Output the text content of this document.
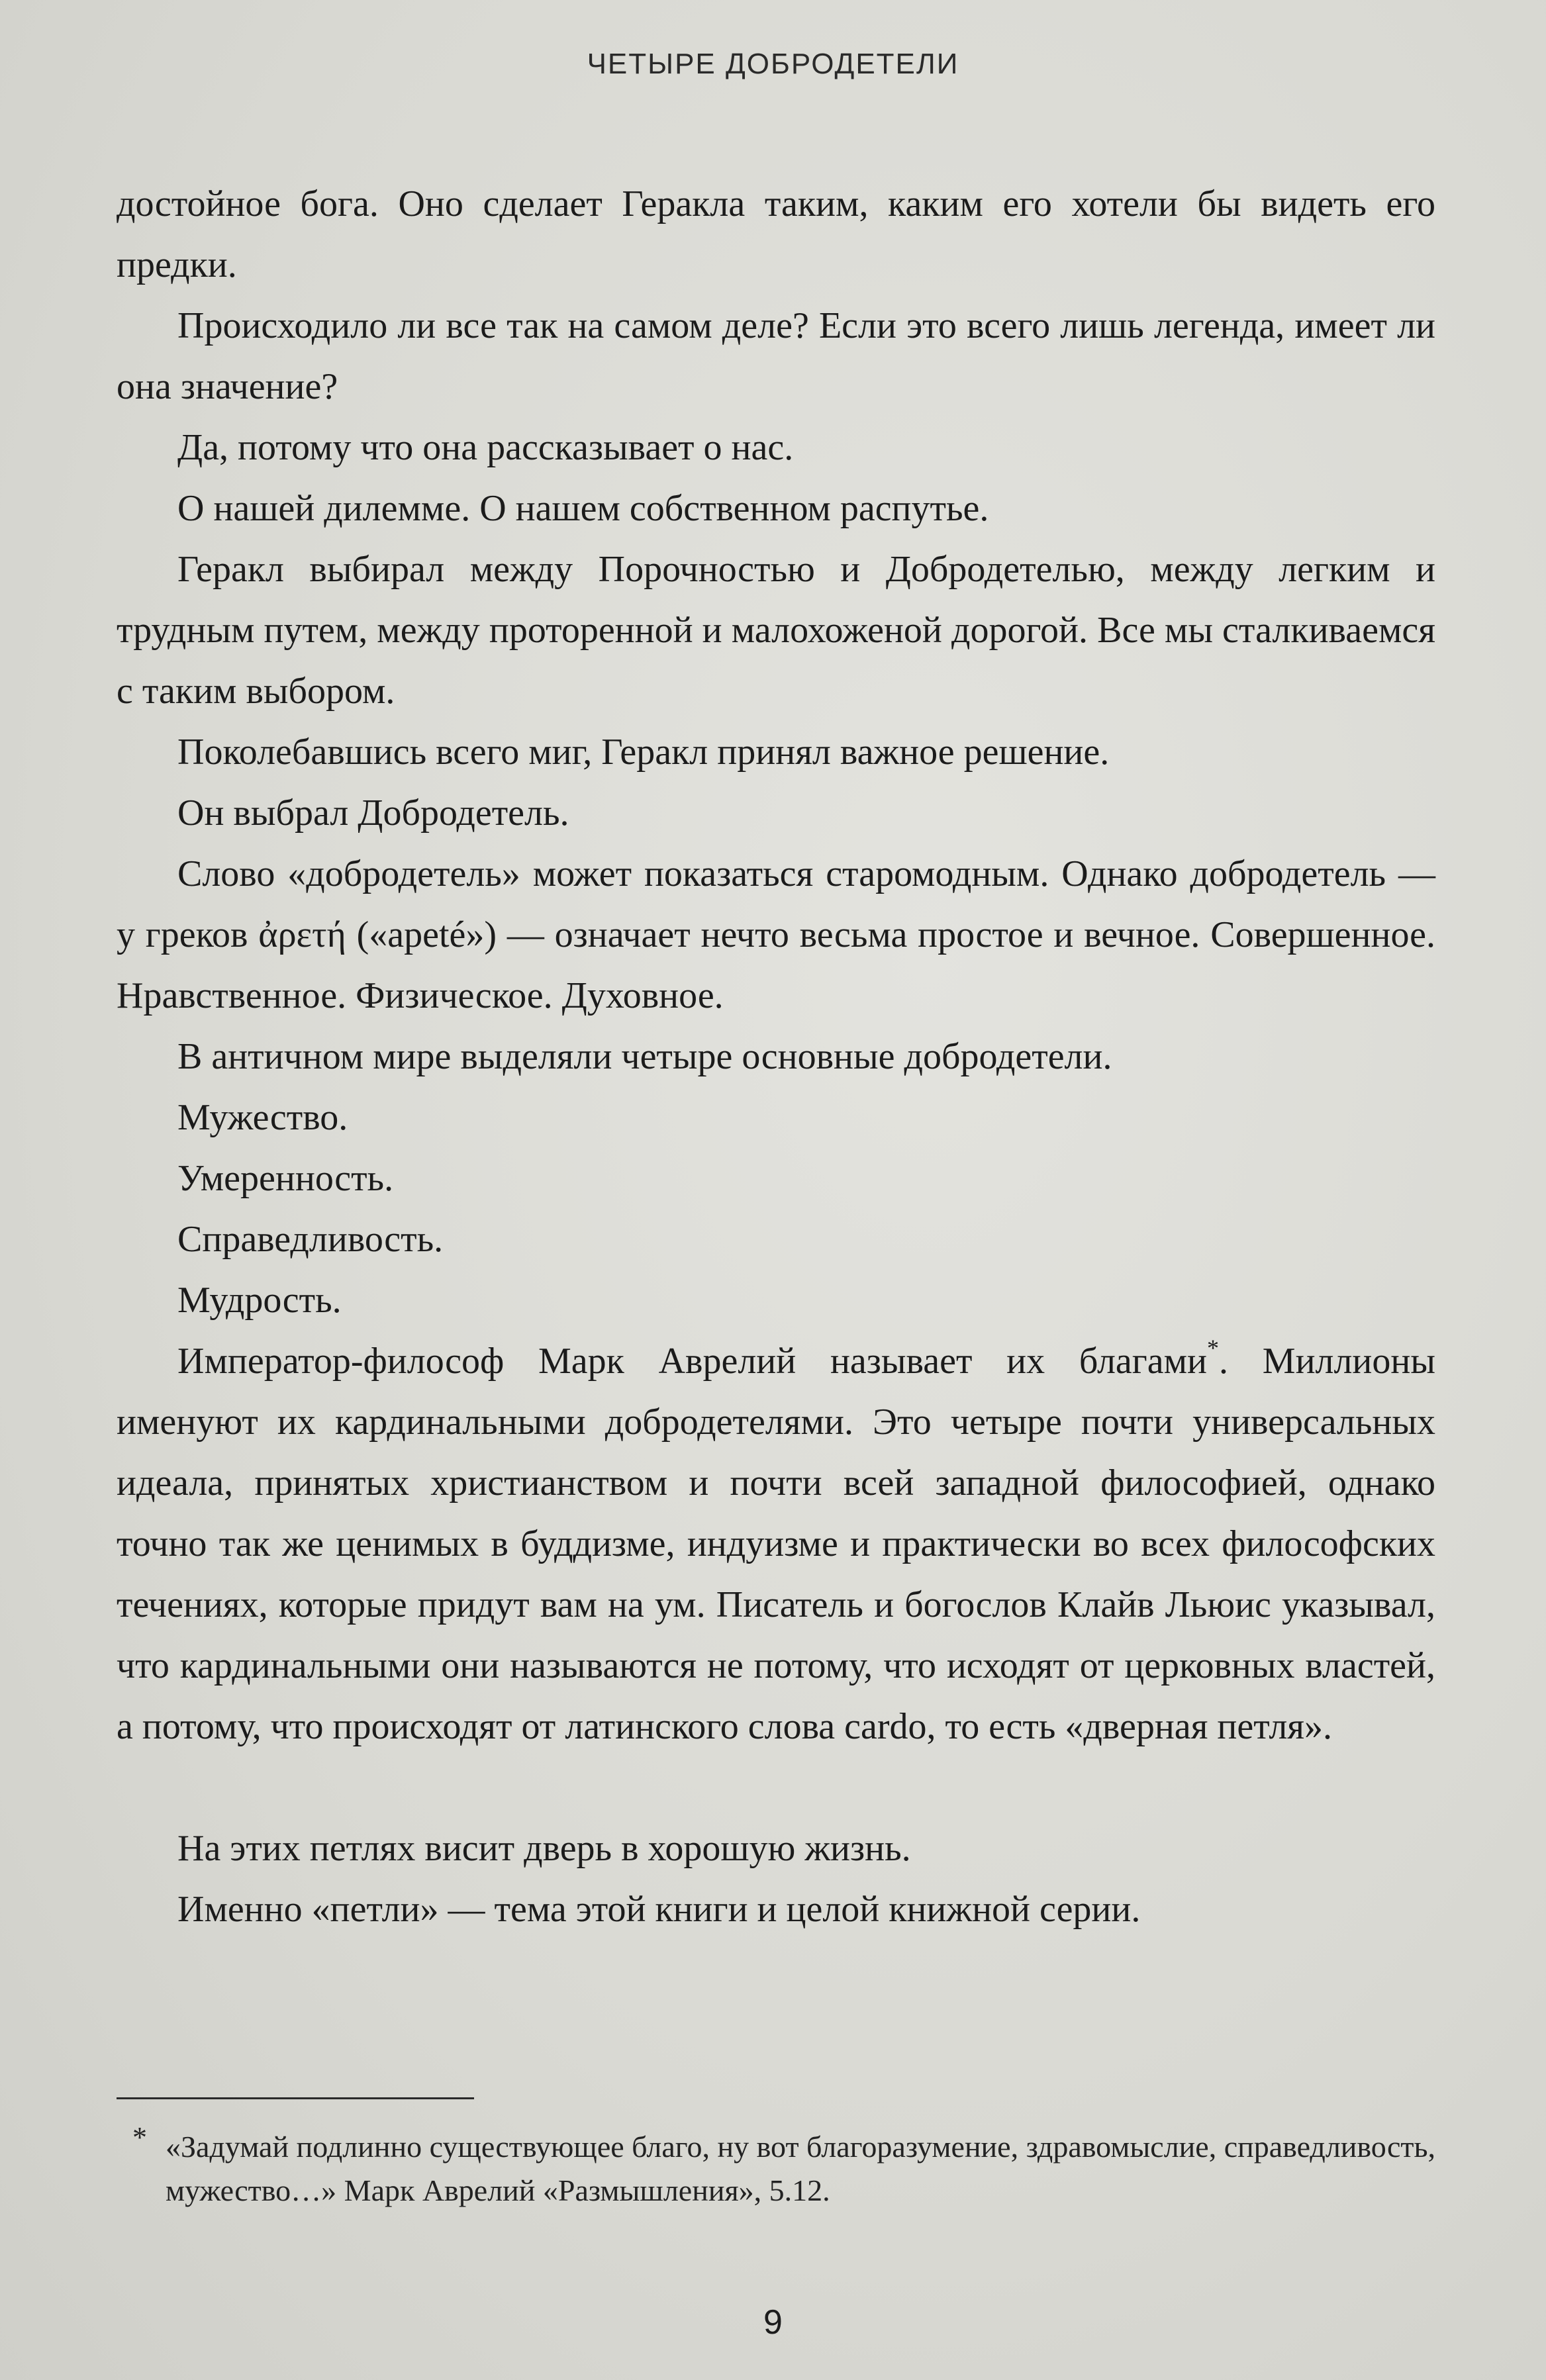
ЧЕТЫРЕ ДОБРОДЕТЕЛИ

достойное бога. Оно сделает Геракла таким, каким его хотели бы видеть его предки.

Происходило ли все так на самом деле? Если это всего лишь легенда, имеет ли она значение?

Да, потому что она рассказывает о нас.

О нашей дилемме. О нашем собственном распутье.

Геракл выбирал между Порочностью и Добродетелью, между легким и трудным путем, между проторенной и малохоженой дорогой. Все мы сталкиваемся с таким выбором.

Поколебавшись всего миг, Геракл принял важное решение.

Он выбрал Добродетель.

Слово «добродетель» может показаться старомодным. Однако добродетель — у греков ἀρετή («ареté») — означает нечто весьма простое и вечное. Совершенное. Нравственное. Физическое. Духовное.

В античном мире выделяли четыре основные добродетели.

Мужество.

Умеренность.

Справедливость.

Мудрость.

Император-философ Марк Аврелий называет их благами*. Миллионы именуют их кардинальными добродетелями. Это четыре почти универсальных идеала, принятых христианством и почти всей западной философией, однако точно так же ценимых в буддизме, индуизме и практически во всех философских течениях, которые придут вам на ум. Писатель и богослов Клайв Льюис указывал, что кардинальными они называются не потому, что исходят от церковных властей, а потому, что происходят от латинского слова cardo, то есть «дверная петля».

На этих петлях висит дверь в хорошую жизнь.

Именно «петли» — тема этой книги и целой книжной серии.

* «Задумай подлинно существующее благо, ну вот благоразумение, здравомыслие, справедливость, мужество…» Марк Аврелий «Размышления», 5.12.
9
